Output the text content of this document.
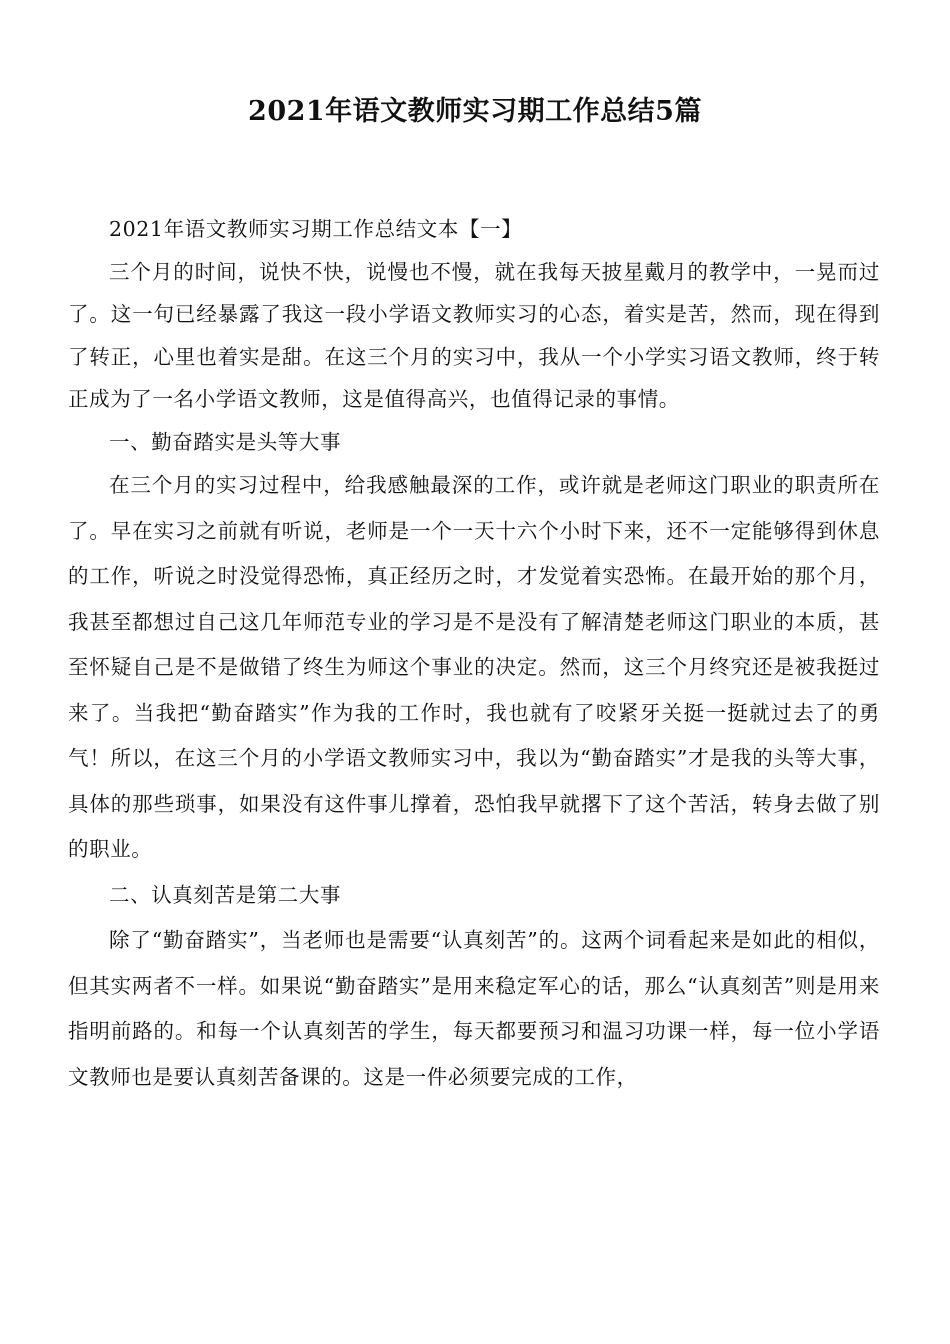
2021年语文教师实习期工作总结5篇

2021年语文教师实习期工作总结文本【一】

三个月的时间，说快不快，说慢也不慢，就在我每天披星戴月的教学中，一晃而过了。这一句已经暴露了我这一段小学语文教师实习的心态，着实是苦，然而，现在得到了转正，心里也着实是甜。在这三个月的实习中，我从一个小学实习语文教师，终于转正成为了一名小学语文教师，这是值得高兴，也值得记录的事情。

一、勤奋踏实是头等大事

在三个月的实习过程中，给我感触最深的工作，或许就是老师这门职业的职责所在了。早在实习之前就有听说，老师是一个一天十六个小时下来，还不一定能够得到休息的工作，听说之时没觉得恐怖，真正经历之时，才发觉着实恐怖。在最开始的那个月，我甚至都想过自己这几年师范专业的学习是不是没有了解清楚老师这门职业的本质，甚至怀疑自己是不是做错了终生为师这个事业的决定。然而，这三个月终究还是被我挺过来了。当我把“勤奋踏实”作为我的工作时，我也就有了咬紧牙关挺一挺就过去了的勇气！所以，在这三个月的小学语文教师实习中，我以为“勤奋踏实”才是我的头等大事，具体的那些琐事，如果没有这件事儿撑着，恐怕我早就撂下了这个苦活，转身去做了别的职业。

二、认真刻苦是第二大事

除了“勤奋踏实”，当老师也是需要“认真刻苦”的。这两个词看起来是如此的相似，但其实两者不一样。如果说“勤奋踏实”是用来稳定军心的话，那么“认真刻苦”则是用来指明前路的。和每一个认真刻苦的学生，每天都要预习和温习功课一样，每一位小学语文教师也是要认真刻苦备课的。这是一件必须要完成的工作，
